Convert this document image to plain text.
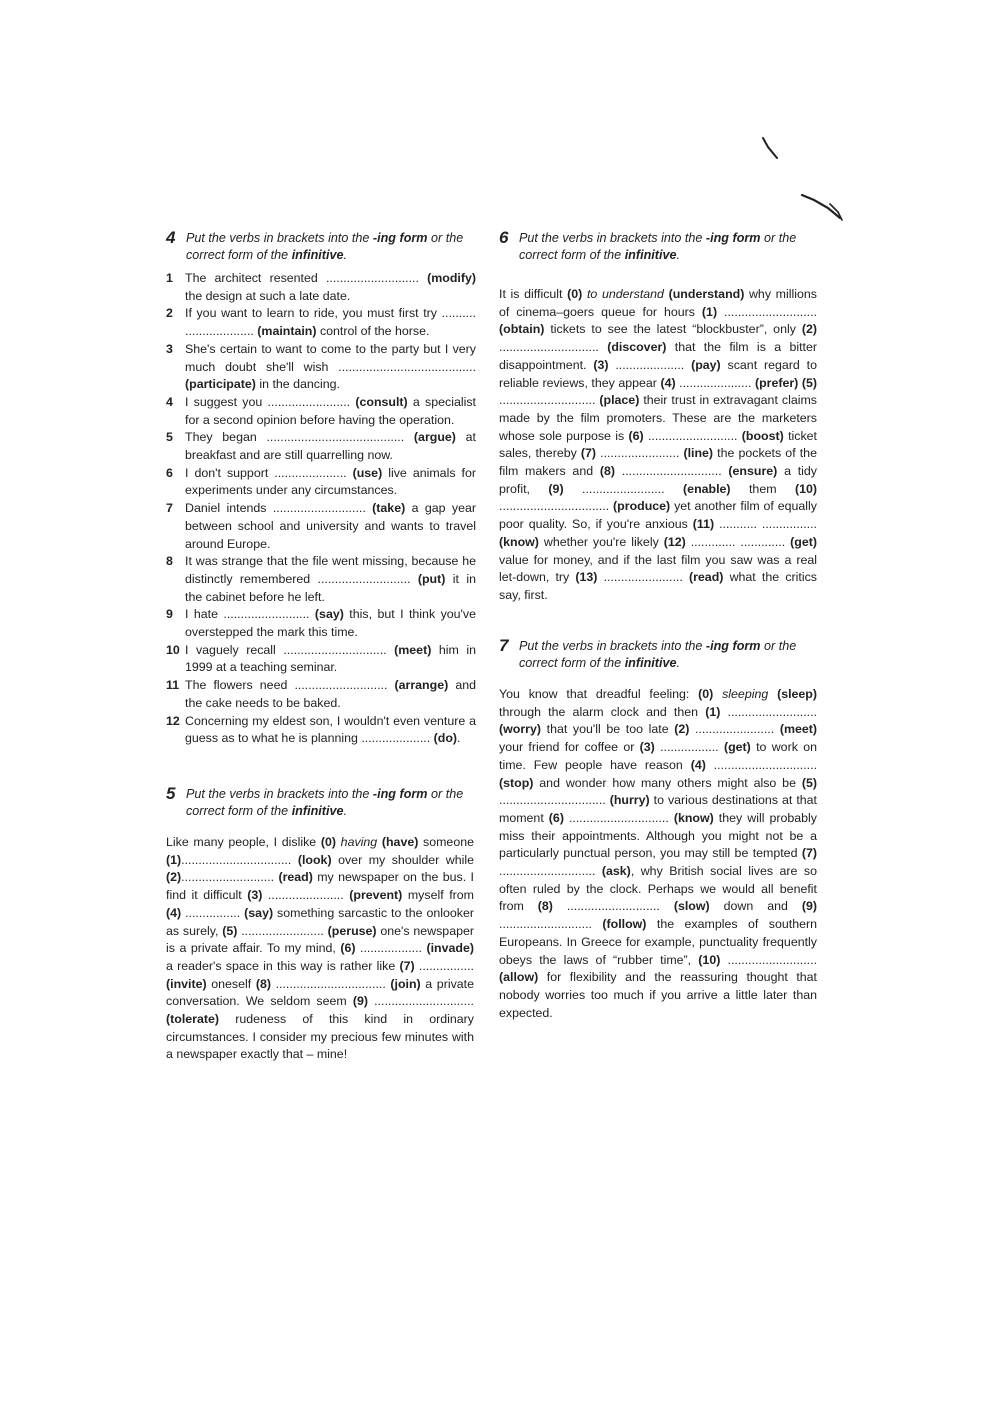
4 Put the verbs in brackets into the -ing form or the correct form of the infinitive.
1 The architect resented ........................... (modify) the design at such a late date.
2 If you want to learn to ride, you must first try .......... .................... (maintain) control of the horse.
3 She's certain to want to come to the party but I very much doubt she'll wish ........................................ (participate) in the dancing.
4 I suggest you ........................ (consult) a specialist for a second opinion before having the operation.
5 They began ........................................ (argue) at breakfast and are still quarrelling now.
6 I don't support ..................... (use) live animals for experiments under any circumstances.
7 Daniel intends ........................... (take) a gap year between school and university and wants to travel around Europe.
8 It was strange that the file went missing, because he distinctly remembered ........................... (put) it in the cabinet before he left.
9 I hate ......................... (say) this, but I think you've overstepped the mark this time.
10 I vaguely recall .............................. (meet) him in 1999 at a teaching seminar.
11 The flowers need ........................... (arrange) and the cake needs to be baked.
12 Concerning my eldest son, I wouldn't even venture a guess as to what he is planning .................... (do).
5 Put the verbs in brackets into the -ing form or the correct form of the infinitive.

Like many people, I dislike (0) having (have) someone (1)................................ (look) over my shoulder while (2)........................... (read) my newspaper on the bus. I find it difficult (3) ...................... (prevent) myself from (4) ................ (say) something sarcastic to the onlooker as surely, (5) ........................ (peruse) one's newspaper is a private affair. To my mind, (6) .................. (invade) a reader's space in this way is rather like (7) ................ (invite) oneself (8) ................................ (join) a private conversation. We seldom seem (9) ............................. (tolerate) rudeness of this kind in ordinary circumstances. I consider my precious few minutes with a newspaper exactly that – mine!

6 Put the verbs in brackets into the -ing form or the correct form of the infinitive.

It is difficult (0) to understand (understand) why millions of cinema–goers queue for hours (1) ........................... (obtain) tickets to see the latest “blockbuster”, only (2) ............................. (discover) that the film is a bitter disappointment. (3) .................... (pay) scant regard to reliable reviews, they appear (4) ..................... (prefer) (5) ............................ (place) their trust in extravagant claims made by the film promoters. These are the marketers whose sole purpose is (6) .......................... (boost) ticket sales, thereby (7) ....................... (line) the pockets of the film makers and (8) ............................. (ensure) a tidy profit, (9) ........................ (enable) them (10) ................................ (produce) yet another film of equally poor quality. So, if you're anxious (11) ........... ................ (know) whether you're likely (12) ............. ............. (get) value for money, and if the last film you saw was a real let-down, try (13) ....................... (read) what the critics say, first.

7 Put the verbs in brackets into the -ing form or the correct form of the infinitive.

You know that dreadful feeling: (0) sleeping (sleep) through the alarm clock and then (1) .......................... (worry) that you'll be too late (2) ....................... (meet) your friend for coffee or (3) ................. (get) to work on time. Few people have reason (4) .............................. (stop) and wonder how many others might also be (5) ............................... (hurry) to various destinations at that moment (6) ............................. (know) they will probably miss their appointments. Although you might not be a particularly punctual person, you may still be tempted (7) ............................ (ask), why British social lives are so often ruled by the clock. Perhaps we would all benefit from (8) ........................... (slow) down and (9) ........................... (follow) the examples of southern Europeans. In Greece for example, punctuality frequently obeys the laws of “rubber time”, (10) .......................... (allow) for flexibility and the reassuring thought that nobody worries too much if you arrive a little later than expected.
